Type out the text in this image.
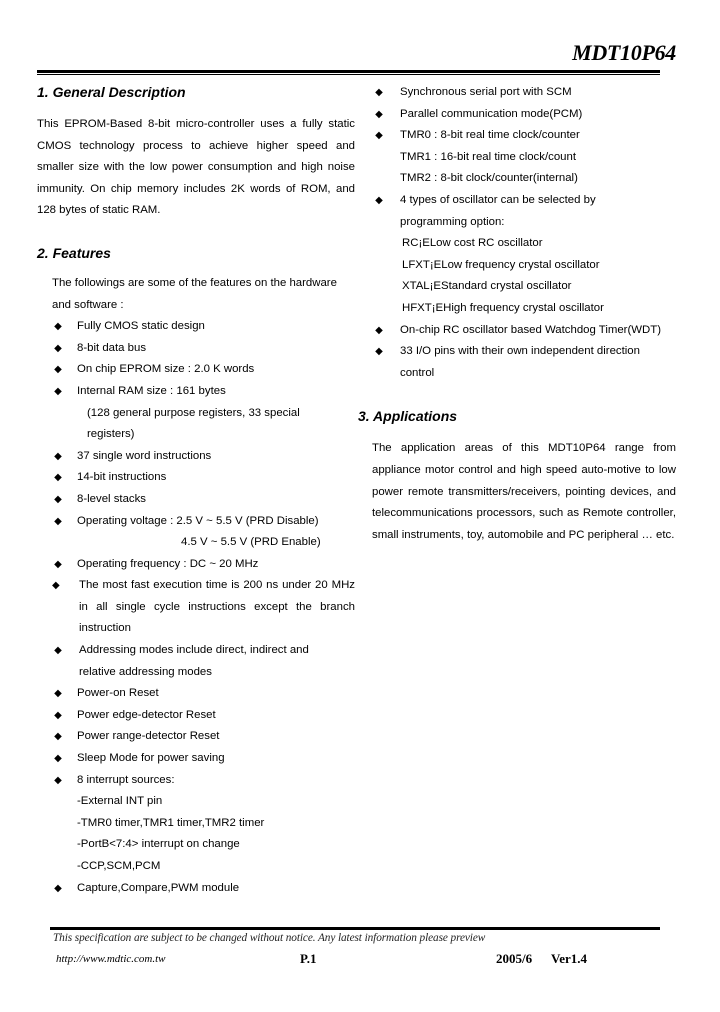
MDT10P64
1. General Description

This EPROM-Based 8-bit micro-controller uses a fully static CMOS technology process to achieve higher speed and smaller size with the low power consumption and high noise immunity. On chip memory includes 2K words of ROM, and 128 bytes of static RAM.

2. Features
The followings are some of the features on the hardware
and software :
◆ Fully CMOS static design
◆ 8-bit data bus
◆ On chip EPROM size : 2.0 K words
◆ Internal RAM size : 161 bytes
(128 general purpose registers, 33 special
registers)
◆ 37 single word instructions
◆ 14-bit instructions
◆ 8-level stacks
◆ Operating voltage : 2.5 V ~ 5.5 V (PRD Disable)
4.5 V ~ 5.5 V (PRD Enable)
◆ Operating frequency : DC ~ 20 MHz
◆	The most fast execution time is 200 ns under 20 MHz in all single cycle instructions except the branch instruction
◆ Addressing modes include direct, indirect and
relative addressing modes
◆ Power-on Reset
◆ Power edge-detector Reset
◆ Power range-detector Reset
◆ Sleep Mode for power saving
◆ 8 interrupt sources:
-External INT pin
-TMR0 timer,TMR1 timer,TMR2 timer
-PortB<7:4> interrupt on change
-CCP,SCM,PCM
◆ Capture,Compare,PWM module
◆ Synchronous serial port with SCM
◆ Parallel communication mode(PCM)
◆ TMR0 : 8-bit real time clock/counter
TMR1 : 16-bit real time clock/count
TMR2 : 8-bit clock/counter(internal)
◆ 4 types of oscillator can be selected by
programming option:
RC¡ELow cost RC oscillator
LFXT¡ELow frequency crystal oscillator
XTAL¡EStandard crystal oscillator
HFXT¡EHigh frequency crystal oscillator
◆ On-chip RC oscillator based Watchdog Timer(WDT)
◆ 33 I/O pins with their own independent direction
control
3. Applications

The application areas of this MDT10P64 range from appliance motor control and high speed auto-motive to low power remote transmitters/receivers, pointing devices, and telecommunications processors, such as Remote controller, small instruments, toy, automobile and PC peripheral … etc.

This specification are subject to be changed without notice. Any latest information please preview
http://www.mdtic.com.tw	P.1	2005/6 Ver1.4
